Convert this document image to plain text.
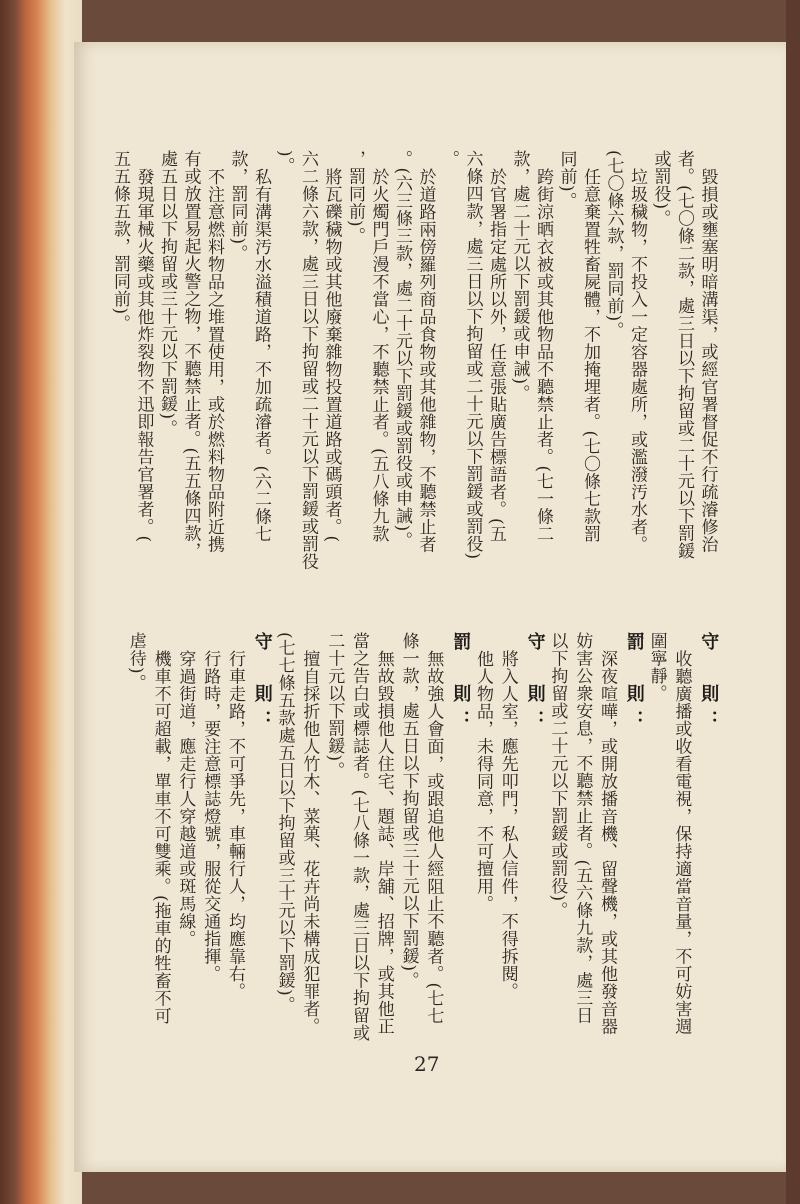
毀損或壅塞明暗溝渠，或經官署督促不行疏濬修治
者。(七〇條二款，處三日以下拘留或二十元以下罰鍰
或罰役)。
垃圾穢物，不投入一定容器處所，或濫潑汚水者。
(七〇條六款，罰同前)。
任意棄置牲畜屍體，不加掩埋者。(七〇條七款罰
同前)。
跨街涼晒衣被或其他物品不聽禁止者。(七一條二
款，處二十元以下罰鍰或申誡)。
於官署指定處所以外，任意張貼廣告標語者。(五
六條四款，處三日以下拘留或二十元以下罰鍰或罰役)
。
於道路兩傍羅列商品食物或其他雜物，不聽禁止者
。(六三條三款，處二十元以下罰鍰或罰役或申誡)。
於火燭門戶漫不當心，不聽禁止者。(五八條九款
，罰同前)。
將瓦礫穢物或其他廢棄雜物投置道路或碼頭者。(
六二條六款，處三日以下拘留或二十元以下罰鍰或罰役
)。
私有溝渠汚水溢積道路，不加疏濬者。(六二條七
款，罰同前)。
不注意燃料物品之堆置使用，或於燃料物品附近携
有或放置易起火警之物，不聽禁止者。(五五條四款，
處五日以下拘留或三十元以下罰鍰)。
發現軍械火藥或其他炸裂物不迅即報告官署者。(
五五條五款，罰同前)。
守　則：
收聽廣播或收看電視，保持適當音量，不可妨害週
圍寧靜。
罰　則：
深夜喧嘩，或開放播音機、留聲機，或其他發音器
妨害公衆安息，不聽禁止者。(五六條九款，處三日
以下拘留或二十元以下罰鍰或罰役)。
守　則：
將入人室，應先叩門，私人信件，不得拆閱。
他人物品，未得同意，不可擅用。
罰　則：
無故強人會面，或跟追他人經阻止不聽者。(七七
條一款，處五日以下拘留或三十元以下罰鍰)。
無故毀損他人住宅、題誌、岸舖、招牌，或其他正
當之告白或標誌者。(七八條一款，處三日以下拘留或
二十元以下罰鍰)。
擅自採折他人竹木、菜菓、花卉尚未構成犯罪者。
(七七條五款處五日以下拘留或三十元以下罰鍰)。
守　則：
行車走路，不可爭先，車輛行人，均應靠右。
行路時，要注意標誌燈號，服從交通指揮。
穿過街道，應走行人穿越道或斑馬線。
機車不可超載，單車不可雙乘。(拖車的牲畜不可
虐待)。
27
